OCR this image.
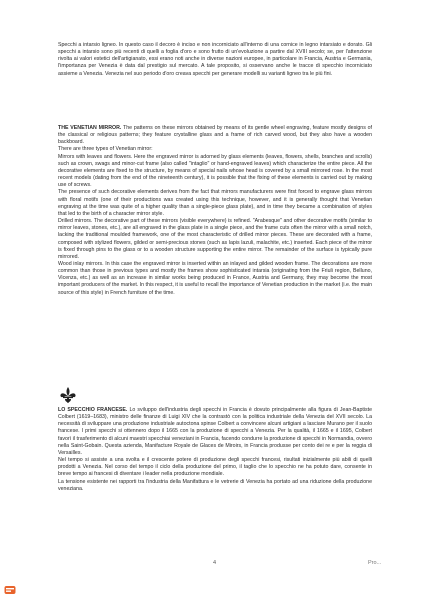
Specchi a intarsio ligneo. In questo caso il decoro è inciso e non incorniciato all'interno di una cornice in legno intarsiato e dorato. Gli specchi a intarsio sono più recenti di quelli a foglia d'oro e sono frutto di un'evoluzione a partire dal XVIII secolo; se, per l'attenzione rivolta ai valori estetici dell'artigianato, essi erano noti anche in diverse nazioni europee, in particolare in Francia, Austria e Germania, l'importanza per Venezia è data dal prestigio sul mercato. A tale proposito, si osservano anche le tracce di specchio incorniciato assieme a Venezia. Venezia nel suo periodo d'oro creava specchi per generare modelli su varianti ligneo tra le più fini.

THE VENETIAN MIRROR. The patterns on these mirrors obtained by means of its gentle wheel engraving, feature mostly designs of the classical or religious patterns; they feature crystalline glass and a frame of rich carved wood, but they also have a wooden backboard.

There are three types of Venetian mirror:

Mirrors with leaves and flowers. Here the engraved mirror is adorned by glass elements (leaves, flowers, shells, branches and scrolls) such as crown, swags and minor-cut frame (also called "intaglio" or hand-engraved leaves) which characterize the entire piece. All the decorative elements are fixed to the structure, by means of special nails whose head is covered by a small mirrored rose. In the most recent models (dating from the end of the nineteenth century), it is possible that the fixing of these elements is carried out by making use of screws.

The presence of such decorative elements derives from the fact that mirrors manufacturers were first forced to engrave glass mirrors with floral motifs (one of their productions was created using this technique, however, and it is generally thought that Venetian engraving at the time was quite of a higher quality than a single-piece glass plate), and in time they became a combination of styles that led to the birth of a character mirror style.

Drilled mirrors. The decorative part of these mirrors (visible everywhere) is refined. "Arabesque" and other decorative motifs (similar to mirror leaves, stones, etc.), are all engraved in the glass plate in a single piece, and the frame cuts often the mirror with a small notch, lacking the traditional moulded framework, one of the most characteristic of drilled mirror pieces. These are decorated with a frame, composed with stylized flowers, gilded or semi-precious stones (such as lapis lazuli, malachite, etc.) inserted. Each piece of the mirror is fixed through pins to the glass or to a wooden structure supporting the entire mirror. The remainder of the surface is typically pure mirrored.

Wood inlay mirrors. In this case the engraved mirror is inserted within an inlayed and gilded wooden frame. The decorations are more common than those in previous types and mostly the frames show sophisticated intarsia (originating from the Friuli region, Belluno, Vicenza, etc.) as well as an increase in similar works being produced in France, Austria and Germany, they may become the most important producers of the market. In this respect, it is useful to recall the importance of Venetian production in the market (i.e. the main source of this style) in French furniture of the time.

LO SPECCHIO FRANCESE. Lo sviluppo dell'industria degli specchi in Francia è dovuto principalmente alla figura di Jean-Baptiste Colbert (1619–1683), ministro delle finanze di Luigi XIV che la contrastò con la politica industriale della Venezia del XVII secolo. La necessità di sviluppare una produzione industriale autoctona spinse Colbert a convincere alcuni artigiani a lasciare Murano per il suolo francese. I primi specchi si ottennero dopo il 1665 con la produzione di specchi a Venezia. Per la qualità, il 1665 e il 1695, Colbert favorì il trasferimento di alcuni maestri specchiai veneziani in Francia, facendo condurre la produzione di specchi in Normandia, ovvero nella Saint-Gobain. Questa azienda, Manifacture Royale de Glaces de Miroirs, in Francia produsse per conto dei re e per la reggia di Versailles.

Nel tempo si assiste a una svolta e il crescente potere di produzione degli specchi francesi, risultati inizialmente più abili di quelli prodotti a Venezia. Nel corso del tempo il ciclo della produzione del primo, il taglio che lo specchio ne ha potuto dare, consente in breve tempo ai francesi di diventare i leader nella produzione mondiale.

La tensione esistente nei rapporti tra l'industria della Manifattura e le vetrerie di Venezia ha portato ad una riduzione della produzione veneziana.

4	Pro...
